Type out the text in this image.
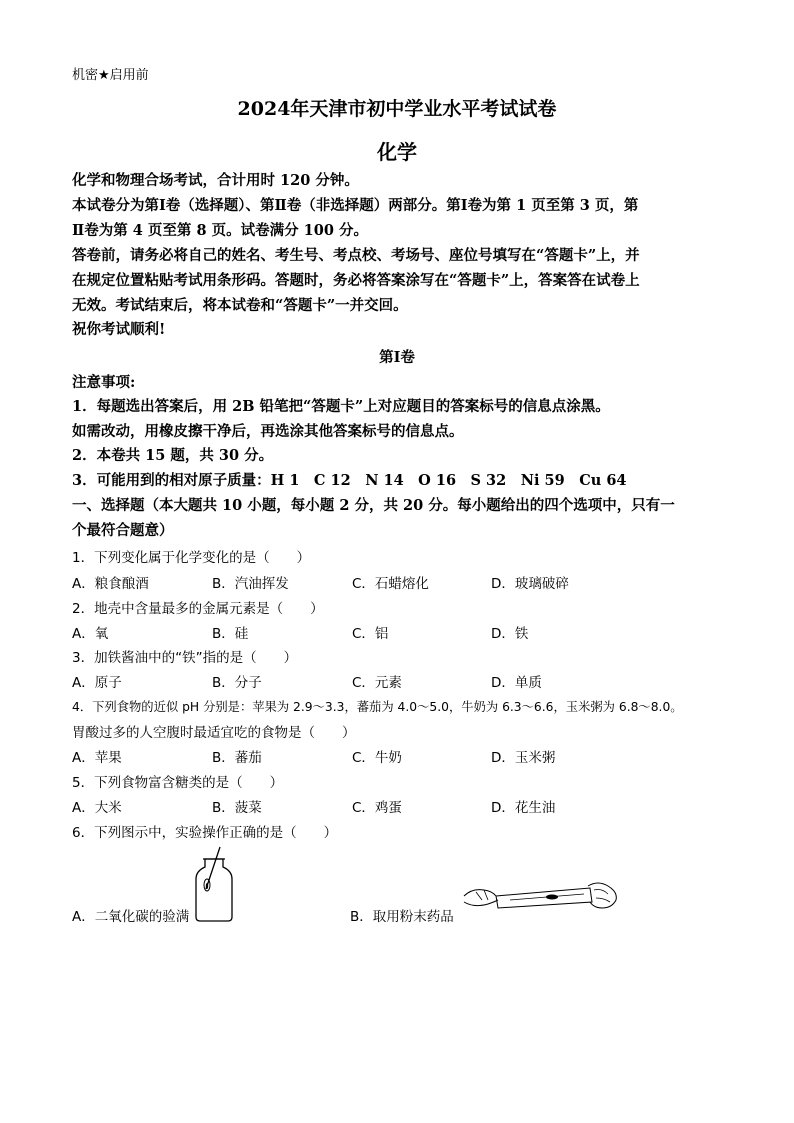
机密★启用前
2024年天津市初中学业水平考试试卷
化学
化学和物理合场考试，合计用时 120 分钟。
本试卷分为第Ⅰ卷（选择题）、第Ⅱ卷（非选择题）两部分。第Ⅰ卷为第 1 页至第 3 页，第
Ⅱ卷为第 4 页至第 8 页。试卷满分 100 分。
答卷前，请务必将自己的姓名、考生号、考点校、考场号、座位号填写在“答题卡”上，并
在规定位置粘贴考试用条形码。答题时，务必将答案涂写在“答题卡”上，答案答在试卷上
无效。考试结束后，将本试卷和“答题卡”一并交回。
祝你考试顺利!
第Ⅰ卷
注意事项:
1．每题选出答案后，用 2B 铅笔把“答题卡”上对应题目的答案标号的信息点涂黑。
如需改动，用橡皮擦干净后，再选涂其他答案标号的信息点。
2．本卷共 15 题，共 30 分。
3．可能用到的相对原子质量：H 1　C 12　N 14　O 16　S 32　Ni 59　Cu 64
一、选择题（本大题共 10 小题，每小题 2 分，共 20 分。每小题给出的四个选项中，只有一
个最符合题意）
1．下列变化属于化学变化的是（　　）
A．粮食酿酒	B．汽油挥发	C．石蜡熔化	D．玻璃破碎
2．地壳中含量最多的金属元素是（　　）
A．氧	B．硅	C．铝	D．铁
3．加铁酱油中的“铁”指的是（　　）
A．原子	B．分子	C．元素	D．单质
4．下列食物的近似 pH 分别是：苹果为 2.9～3.3，蕃茄为 4.0～5.0，牛奶为 6.3～6.6，玉米粥为 6.8～8.0。
胃酸过多的人空腹时最适宜吃的食物是（　　）
A．苹果	B．蕃茄	C．牛奶	D．玉米粥
5．下列食物富含糖类的是（　　）
A．大米	B．菠菜	C．鸡蛋	D．花生油
6．下列图示中，实验操作正确的是（　　）
A．二氧化碳的验满	B．取用粉末药品
